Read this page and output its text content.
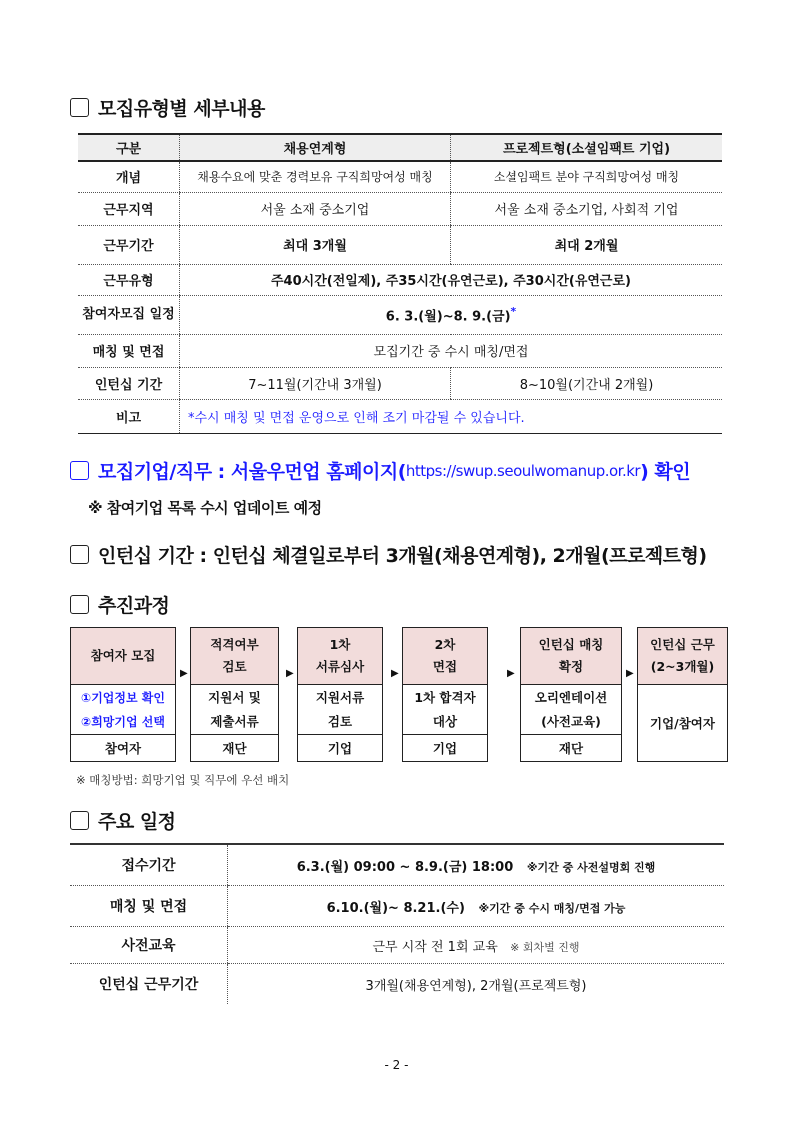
모집유형별 세부내용
구분	채용연계형	프로젝트형(소셜임팩트 기업)
개념	채용수요에 맞춘 경력보유 구직희망여성 매칭	소셜임팩트 분야 구직희망여성 매칭
근무지역	서울 소재 중소기업	서울 소재 중소기업, 사회적 기업
근무기간	최대 3개월	최대 2개월
근무유형	주40시간(전일제), 주35시간(유연근로), 주30시간(유연근로)	
참여자모집 일정	6. 3.(월)~8. 9.(금)*
매칭 및 면접	모집기간 중 수시 매칭/면접	
인턴십 기간	7~11월(기간내 3개월)	8~10월(기간내 2개월)
비고	*수시 매칭 및 면접 운영으로 인해 조기 마감될 수 있습니다.	
모집기업/직무 : 서울우먼업 홈페이지( https://swup.seoulwomanup.or.kr ) 확인
※ 참여기업 목록 수시 업데이트 예정
인턴십 기간 : 인턴십 체결일로부터 3개월(채용연계형), 2개월(프로젝트형)
추진과정
참여자 모집
①기업정보 확인
②희망기업 선택
참여자
▶
적격여부
검토
지원서 및
제출서류
재단
▶
1차
서류심사
지원서류
검토
기업
▶
2차
면접
1차 합격자
대상
기업
▶
인턴십 매칭
확정
오리엔테이션
(사전교육)
재단
▶
인턴십 근무
(2~3개월)
기업/참여자
※ 매칭방법: 희망기업 및 직무에 우선 배치
주요 일정
접수기간	6.3.(월) 09:00 ~ 8.9.(금) 18:00 ※기간 중 사전설명회 진행
매칭 및 면접	6.10.(월)~ 8.21.(수) ※기간 중 수시 매칭/면접 가능
사전교육	근무 시작 전 1회 교육 ※ 회차별 진행
인턴십 근무기간	3개월(채용연계형), 2개월(프로젝트형)
- 2 -
